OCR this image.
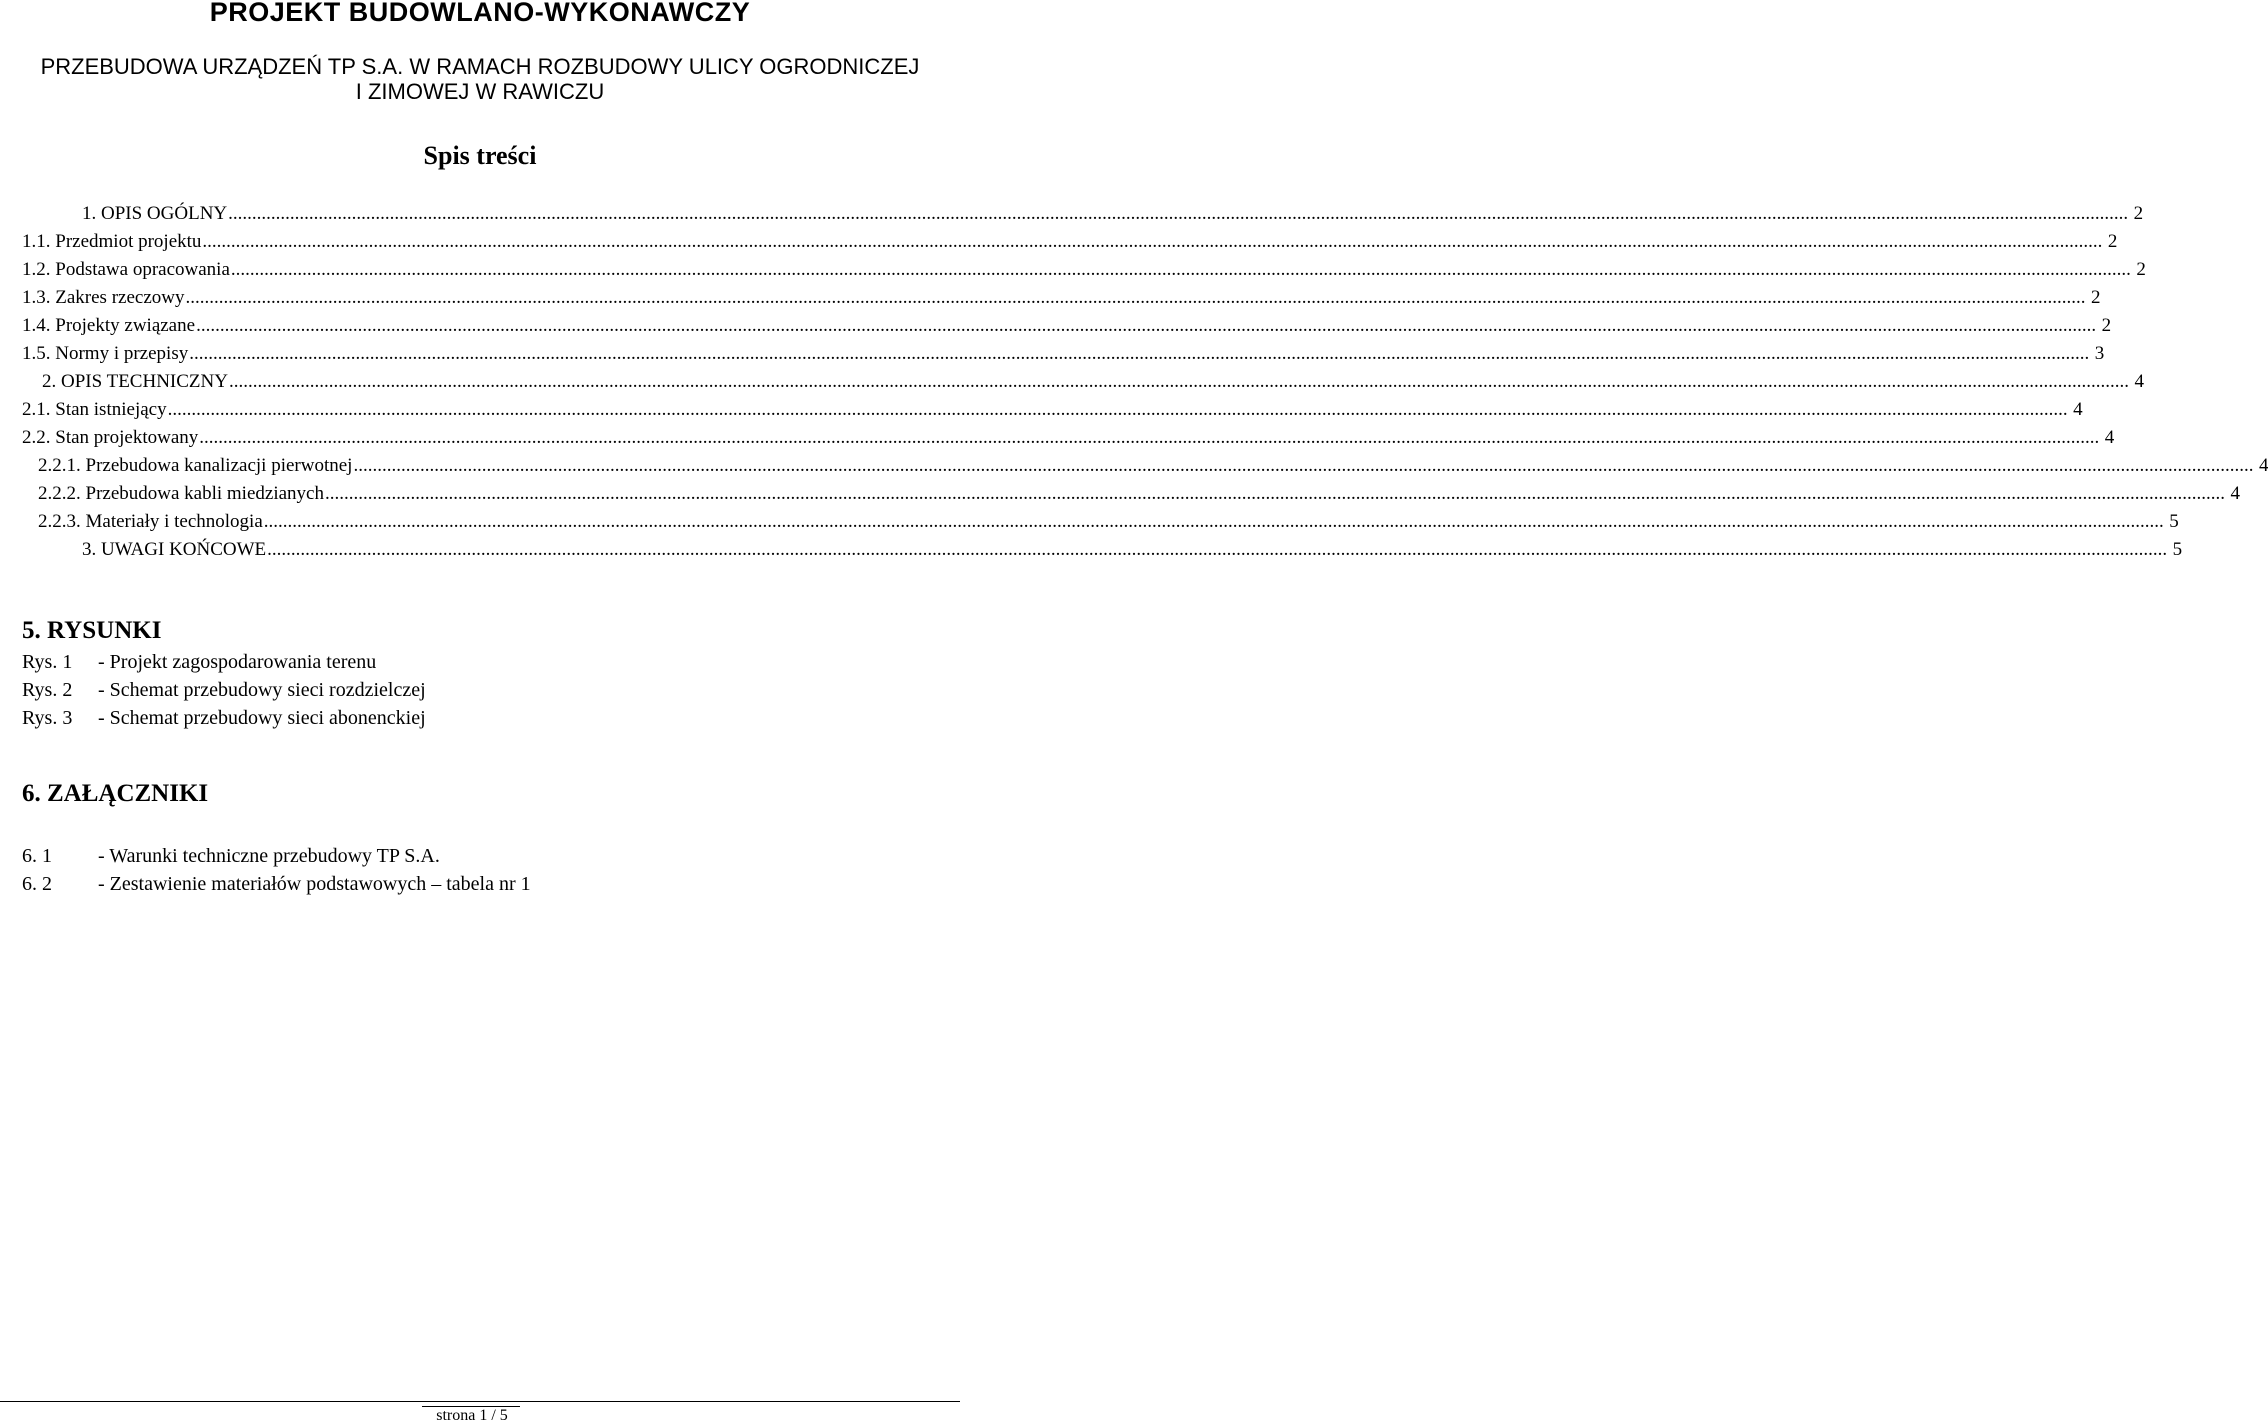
PROJEKT BUDOWLANO-WYKONAWCZY
PRZEBUDOWA URZĄDZEŃ TP S.A. W RAMACH ROZBUDOWY ULICY OGRODNICZEJ
I ZIMOWEJ W RAWICZU
Spis treści
1. OPIS OGÓLNY ................................................................................................................................................................................................................................................................................................................................................................................................................ 2
1.1. Przedmiot projektu ................................................................................................................................................................................................................................................................................................................................................................................................................ 2
1.2. Podstawa opracowania ................................................................................................................................................................................................................................................................................................................................................................................................................ 2
1.3. Zakres rzeczowy ................................................................................................................................................................................................................................................................................................................................................................................................................ 2
1.4. Projekty związane ................................................................................................................................................................................................................................................................................................................................................................................................................ 2
1.5. Normy i przepisy ................................................................................................................................................................................................................................................................................................................................................................................................................ 3
2. OPIS TECHNICZNY ................................................................................................................................................................................................................................................................................................................................................................................................................ 4
2.1. Stan istniejący ................................................................................................................................................................................................................................................................................................................................................................................................................ 4
2.2. Stan projektowany ................................................................................................................................................................................................................................................................................................................................................................................................................ 4
2.2.1. Przebudowa kanalizacji pierwotnej ................................................................................................................................................................................................................................................................................................................................................................................................................ 4
2.2.2. Przebudowa kabli miedzianych ................................................................................................................................................................................................................................................................................................................................................................................................................ 4
2.2.3. Materiały i technologia ................................................................................................................................................................................................................................................................................................................................................................................................................ 5
3. UWAGI KOŃCOWE ................................................................................................................................................................................................................................................................................................................................................................................................................ 5
5. RYSUNKI
Rys. 1 - Projekt zagospodarowania terenu
Rys. 2 - Schemat przebudowy sieci rozdzielczej
Rys. 3 - Schemat przebudowy sieci abonenckiej
6. ZAŁĄCZNIKI
6. 1 - Warunki techniczne przebudowy TP S.A.
6. 2 - Zestawienie materiałów podstawowych – tabela nr 1
strona 1 / 5
